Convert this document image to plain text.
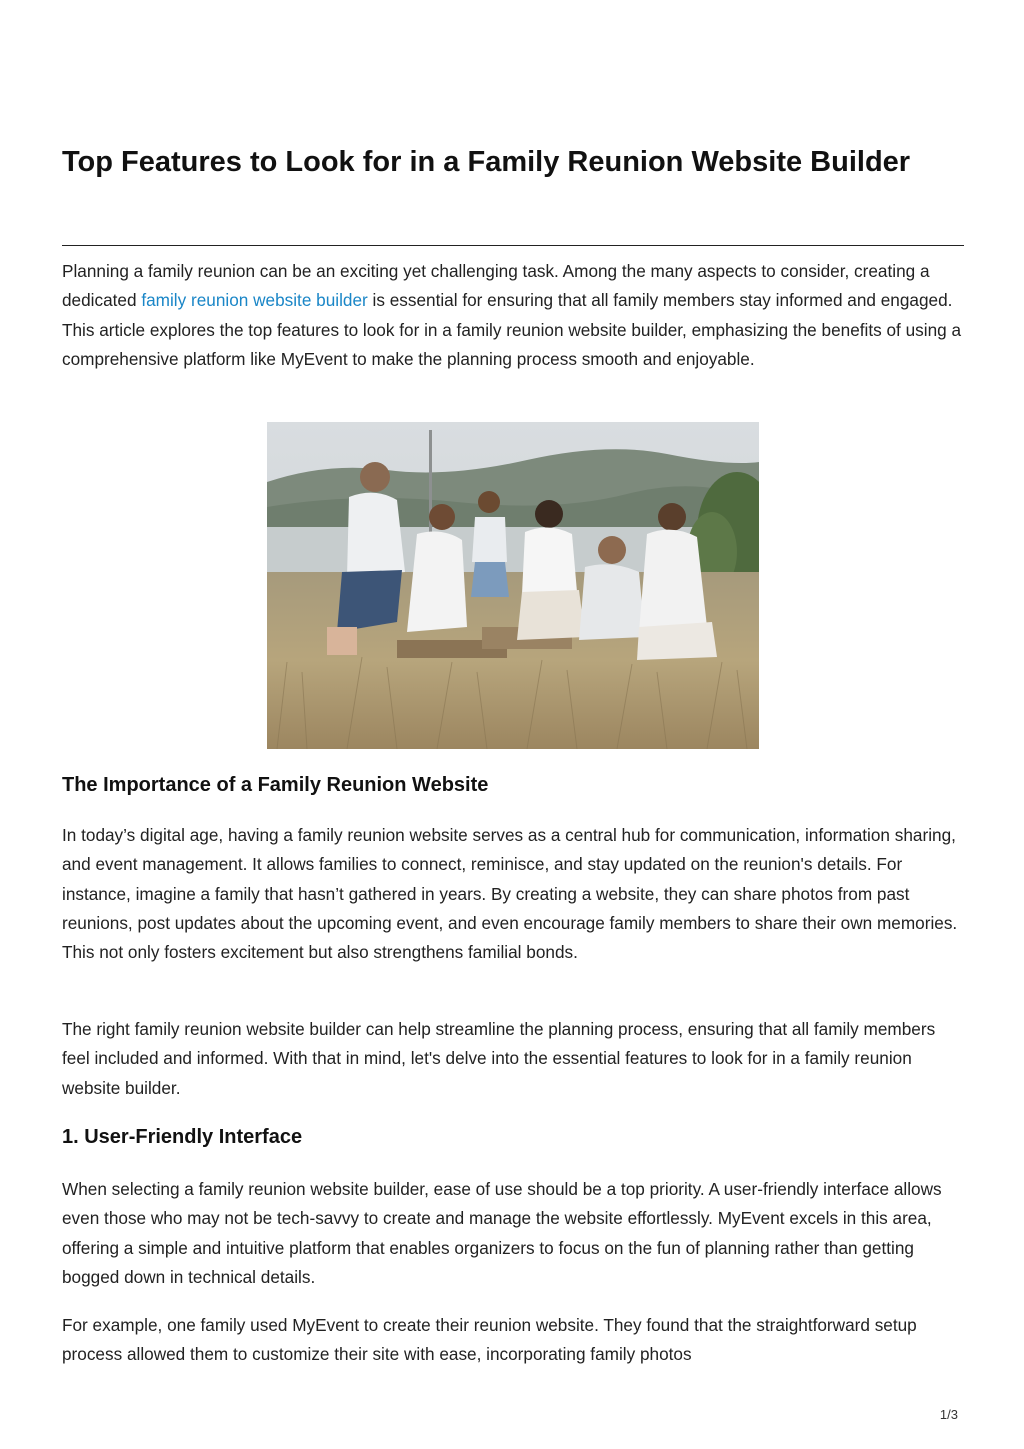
Top Features to Look for in a Family Reunion Website Builder

Planning a family reunion can be an exciting yet challenging task. Among the many aspects to consider, creating a dedicated family reunion website builder is essential for ensuring that all family members stay informed and engaged. This article explores the top features to look for in a family reunion website builder, emphasizing the benefits of using a comprehensive platform like MyEvent to make the planning process smooth and enjoyable.

The Importance of a Family Reunion Website

In today’s digital age, having a family reunion website serves as a central hub for communication, information sharing, and event management. It allows families to connect, reminisce, and stay updated on the reunion's details. For instance, imagine a family that hasn’t gathered in years. By creating a website, they can share photos from past reunions, post updates about the upcoming event, and even encourage family members to share their own memories. This not only fosters excitement but also strengthens familial bonds.

The right family reunion website builder can help streamline the planning process, ensuring that all family members feel included and informed. With that in mind, let's delve into the essential features to look for in a family reunion website builder.

1. User-Friendly Interface

When selecting a family reunion website builder, ease of use should be a top priority. A user-friendly interface allows even those who may not be tech-savvy to create and manage the website effortlessly. MyEvent excels in this area, offering a simple and intuitive platform that enables organizers to focus on the fun of planning rather than getting bogged down in technical details.

For example, one family used MyEvent to create their reunion website. They found that the straightforward setup process allowed them to customize their site with ease, incorporating family photos

1/3
